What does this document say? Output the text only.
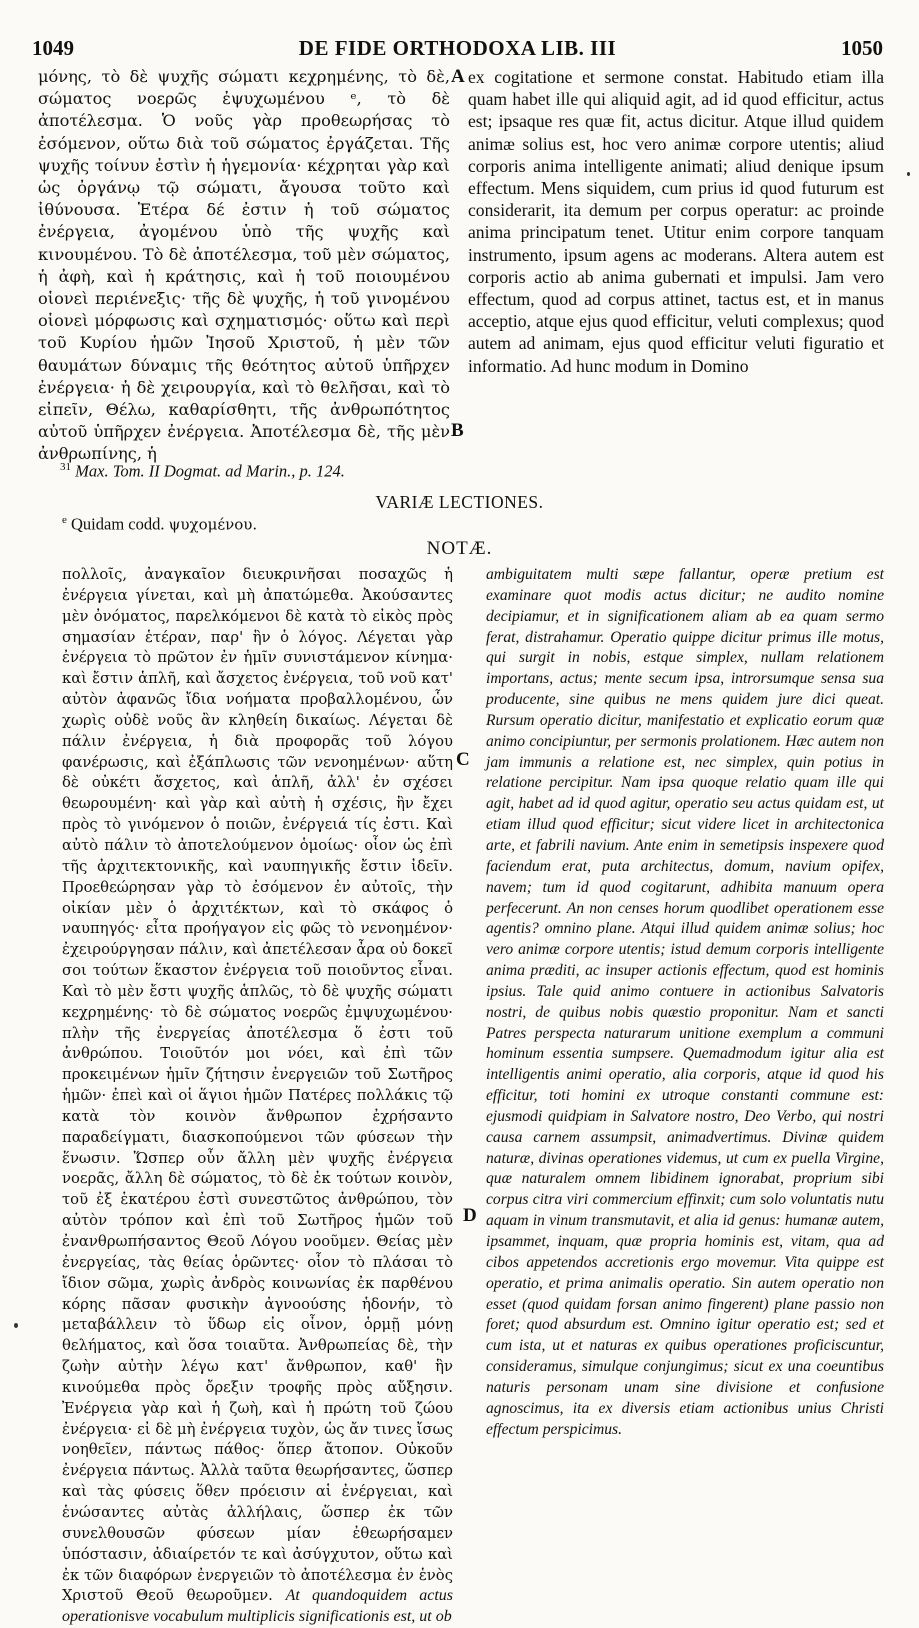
1049	DE FIDE ORTHODOXA LIB. III	1050

μόνης, τὸ δὲ ψυχῆς σώματι κεχρημένης, τὸ δὲ, σώματος νοερῶς ἐψυχωμένου ᵉ, τὸ δὲ ἀποτέλεσμα. Ὁ νοῦς γὰρ προθεωρήσας τὸ ἐσόμενον, οὕτω διὰ τοῦ σώματος ἐργάζεται. Τῆς ψυχῆς τοίνυν ἐστὶν ἡ ἡγεμονία· κέχρηται γὰρ καὶ ὡς ὀργάνῳ τῷ σώματι, ἄγουσα τοῦτο καὶ ἰθύνουσα. Ἑτέρα δέ ἐστιν ἡ τοῦ σώματος ἐνέργεια, ἀγομένου ὑπὸ τῆς ψυχῆς καὶ κινουμένου. Τὸ δὲ ἀποτέλεσμα, τοῦ μὲν σώματος, ἡ ἀφὴ, καὶ ἡ κράτησις, καὶ ἡ τοῦ ποιουμένου οἱονεὶ περιένεξις· τῆς δὲ ψυχῆς, ἡ τοῦ γινομένου οἱονεὶ μόρφωσις καὶ σχηματισμός· οὕτω καὶ περὶ τοῦ Κυρίου ἡμῶν Ἰησοῦ Χριστοῦ, ἡ μὲν τῶν θαυμάτων δύναμις τῆς θεότητος αὐτοῦ ὑπῆρχεν ἐνέργεια· ἡ δὲ χειρουργία, καὶ τὸ θελῆσαι, καὶ τὸ εἰπεῖν, Θέλω, καθαρίσθητι, τῆς ἀνθρωπότητος αὐτοῦ ὑπῆρχεν ἐνέργεια. Ἀποτέλεσμα δὲ, τῆς μὲν ἀνθρωπίνης, ἡ

A
B

ex cogitatione et sermone constat. Habitudo etiam illa quam habet ille qui aliquid agit, ad id quod efficitur, actus est; ipsaque res quæ fit, actus dicitur. Atque illud quidem animæ solius est, hoc vero animæ corpore utentis; aliud corporis anima intelligente animati; aliud denique ipsum effectum. Mens siquidem, cum prius id quod futurum est considerarit, ita demum per corpus operatur: ac proinde anima principatum tenet. Utitur enim corpore tanquam instrumento, ipsum agens ac moderans. Altera autem est corporis actio ab anima gubernati et impulsi. Jam vero effectum, quod ad corpus attinet, tactus est, et in manus acceptio, atque ejus quod efficitur, veluti complexus; quod autem ad animam, ejus quod efficitur veluti figuratio et informatio. Ad hunc modum in Domino

$^{31}$ Max. Tom. II Dogmat. ad Marin., p. 124.
VARIÆ LECTIONES.
$^e$ Quidam codd. ψυχομένου.
NOTÆ.

πολλοῖς, ἀναγκαῖον διευκρινῆσαι ποσαχῶς ἡ ἐνέργεια γίνεται, καὶ μὴ ἀπατώμεθα. Ἀκούσαντες μὲν ὀνόματος, παρελκόμενοι δὲ κατὰ τὸ εἰκὸς πρὸς σημασίαν ἑτέραν, παρ' ἣν ὁ λόγος. Λέγεται γὰρ ἐνέργεια τὸ πρῶτον ἐν ἡμῖν συνιστάμενον κίνημα· καὶ ἔστιν ἁπλῆ, καὶ ἄσχετος ἐνέργεια, τοῦ νοῦ κατ' αὐτὸν ἀφανῶς ἴδια νοήματα προβαλλομένου, ὧν χωρὶς οὐδὲ νοῦς ἂν κληθείη δικαίως. Λέγεται δὲ πάλιν ἐνέργεια, ἡ διὰ προφορᾶς τοῦ λόγου φανέρωσις, καὶ ἐξάπλωσις τῶν νενοημένων· αὕτη δὲ οὐκέτι ἄσχετος, καὶ ἁπλῆ, ἀλλ' ἐν σχέσει θεωρουμένη· καὶ γὰρ καὶ αὐτὴ ἡ σχέσις, ἣν ἔχει πρὸς τὸ γινόμενον ὁ ποιῶν, ἐνέργειά τίς ἐστι. Καὶ αὐτὸ πάλιν τὸ ἀποτελούμενον ὁμοίως· οἷον ὡς ἐπὶ τῆς ἀρχιτεκτονικῆς, καὶ ναυπηγικῆς ἔστιν ἰδεῖν. Προεθεώρησαν γὰρ τὸ ἐσόμενον ἐν αὐτοῖς, τὴν οἰκίαν μὲν ὁ ἀρχιτέκτων, καὶ τὸ σκάφος ὁ ναυπηγός· εἶτα προήγαγον εἰς φῶς τὸ νενοημένον· ἐχειρούργησαν πάλιν, καὶ ἀπετέλεσαν ἆρα οὐ δοκεῖ σοι τούτων ἕκαστον ἐνέργεια τοῦ ποιοῦντος εἶναι. Καὶ τὸ μὲν ἔστι ψυχῆς ἁπλῶς, τὸ δὲ ψυχῆς σώματι κεχρημένης· τὸ δὲ σώματος νοερῶς ἐμψυχωμένου· πλὴν τῆς ἐνεργείας ἀποτέλεσμα ὅ ἐστι τοῦ ἀνθρώπου. Τοιοῦτόν μοι νόει, καὶ ἐπὶ τῶν προκειμένων ἡμῖν ζήτησιν ἐνεργειῶν τοῦ Σωτῆρος ἡμῶν· ἐπεὶ καὶ οἱ ἅγιοι ἡμῶν Πατέρες πολλάκις τῷ κατὰ τὸν κοινὸν ἄνθρωπον ἐχρήσαντο παραδείγματι, διασκοπούμενοι τῶν φύσεων τὴν ἕνωσιν. Ὥσπερ οὖν ἄλλη μὲν ψυχῆς ἐνέργεια νοερᾶς, ἄλλη δὲ σώματος, τὸ δὲ ἐκ τούτων κοινὸν, τοῦ ἐξ ἑκατέρου ἐστὶ συνεστῶτος ἀνθρώπου, τὸν αὐτὸν τρόπον καὶ ἐπὶ τοῦ Σωτῆρος ἡμῶν τοῦ ἐνανθρωπήσαντος Θεοῦ Λόγου νοοῦμεν. Θείας μὲν ἐνεργείας, τὰς θείας ὁρῶντες· οἷον τὸ πλάσαι τὸ ἴδιον σῶμα, χωρὶς ἀνδρὸς κοινωνίας ἐκ παρθένου κόρης πᾶσαν φυσικὴν ἀγνοούσης ἡδονήν, τὸ μεταβάλλειν τὸ ὕδωρ εἰς οἶνον, ὁρμῇ μόνῃ θελήματος, καὶ ὅσα τοιαῦτα. Ἀνθρωπείας δὲ, τὴν ζωὴν αὐτὴν λέγω κατ' ἄνθρωπον, καθ' ἣν κινούμεθα πρὸς ὄρεξιν τροφῆς πρὸς αὔξησιν. Ἐνέργεια γὰρ καὶ ἡ ζωὴ, καὶ ἡ πρώτη τοῦ ζώου ἐνέργεια· εἰ δὲ μὴ ἐνέργεια τυχὸν, ὡς ἄν τινες ἴσως νοηθεῖεν, πάντως πάθος· ὅπερ ἄτοπον. Οὐκοῦν ἐνέργεια πάντως. Ἀλλὰ ταῦτα θεωρήσαντες, ὥσπερ καὶ τὰς φύσεις ὅθεν πρόεισιν αἱ ἐνέργειαι, καὶ ἑνώσαντες αὐτὰς ἀλλήλαις, ὥσπερ ἐκ τῶν συνελθουσῶν φύσεων μίαν ἐθεωρήσαμεν ὑπόστασιν, ἀδιαίρετόν τε καὶ ἀσύγχυτον, οὕτω καὶ ἐκ τῶν διαφόρων ἐνεργειῶν τὸ ἀποτέλεσμα ἐν ἑνὸς Χριστοῦ Θεοῦ θεωροῦμεν. At quandoquidem actus operationisve vocabulum multiplicis significationis est, ut ob

C
D

ambiguitatem multi sæpe fallantur, operæ pretium est examinare quot modis actus dicitur; ne audito nomine decipiamur, et in significationem aliam ab ea quam sermo ferat, distrahamur. Operatio quippe dicitur primus ille motus, qui surgit in nobis, estque simplex, nullam relationem importans, actus; mente secum ipsa, introrsumque sensa sua producente, sine quibus ne mens quidem jure dici queat. Rursum operatio dicitur, manifestatio et explicatio eorum quæ animo concipiuntur, per sermonis prolationem. Hæc autem non jam immunis a relatione est, nec simplex, quin potius in relatione percipitur. Nam ipsa quoque relatio quam ille qui agit, habet ad id quod agitur, operatio seu actus quidam est, ut etiam illud quod efficitur; sicut videre licet in architectonica arte, et fabrili navium. Ante enim in semetipsis inspexere quod faciendum erat, puta architectus, domum, navium opifex, navem; tum id quod cogitarunt, adhibita manuum opera perfecerunt. An non censes horum quodlibet operationem esse agentis? omnino plane. Atqui illud quidem animæ solius; hoc vero animæ corpore utentis; istud demum corporis intelligente anima præditi, ac insuper actionis effectum, quod est hominis ipsius. Tale quid animo contuere in actionibus Salvatoris nostri, de quibus nobis quæstio proponitur. Nam et sancti Patres perspecta naturarum unitione exemplum a communi hominum essentia sumpsere. Quemadmodum igitur alia est intelligentis animi operatio, alia corporis, atque id quod his efficitur, toti homini ex utroque constanti commune est: ejusmodi quidpiam in Salvatore nostro, Deo Verbo, qui nostri causa carnem assumpsit, animadvertimus. Divinæ quidem naturæ, divinas operationes videmus, ut cum ex puella Virgine, quæ naturalem omnem libidinem ignorabat, proprium sibi corpus citra viri commercium effinxit; cum solo voluntatis nutu aquam in vinum transmutavit, et alia id genus: humanæ autem, ipsammet, inquam, quæ propria hominis est, vitam, qua ad cibos appetendos accretionis ergo movemur. Vita quippe est operatio, et prima animalis operatio. Sin autem operatio non esset (quod quidam forsan animo fingerent) plane passio non foret; quod absurdum est. Omnino igitur operatio est; sed et cum ista, ut et naturas ex quibus operationes proficiscuntur, consideramus, simulque conjungimus; sicut ex una coeuntibus naturis personam unam sine divisione et confusione agnoscimus, ita ex diversis etiam actionibus unius Christi effectum perspicimus.
